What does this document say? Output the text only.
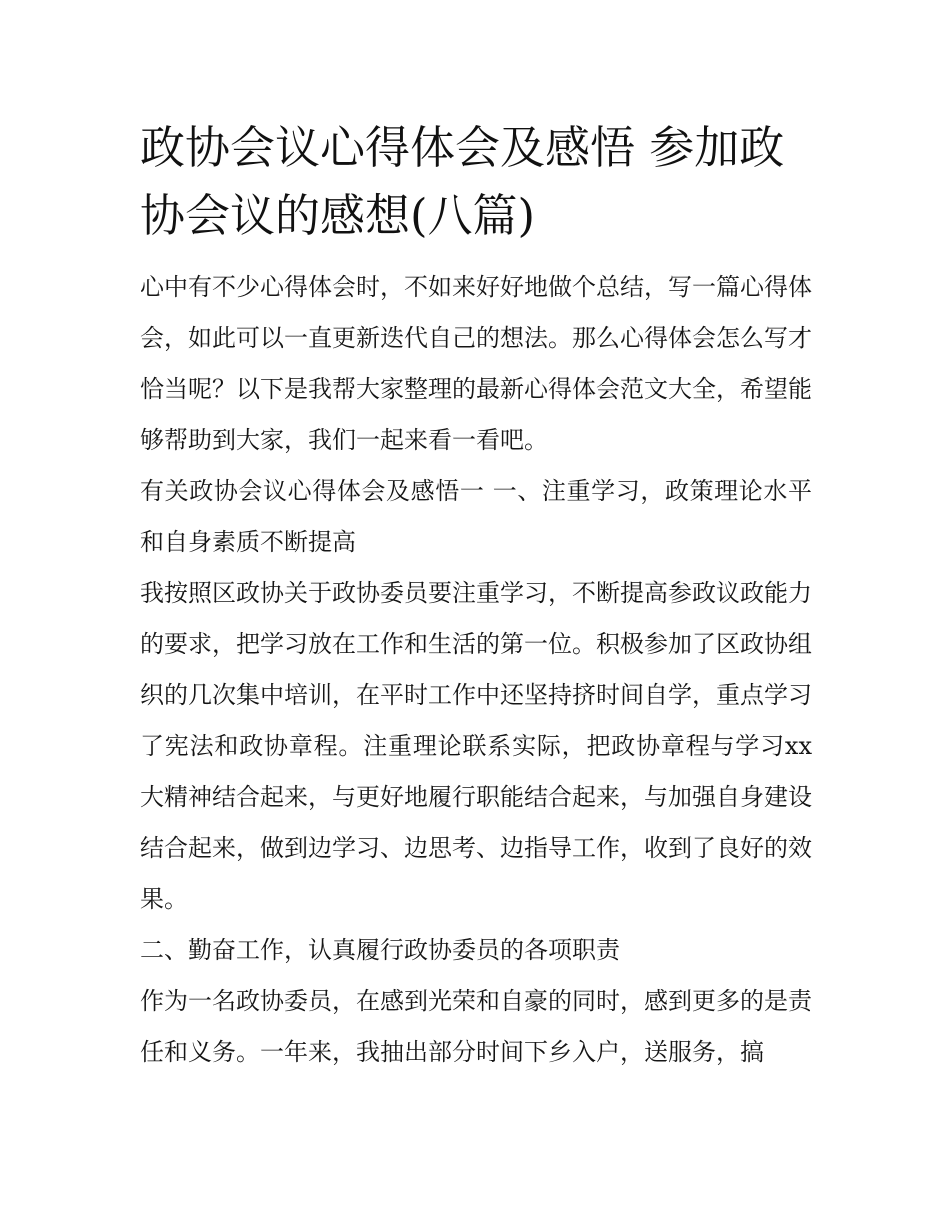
政协会议心得体会及感悟 参加政协会议的感想(八篇)

心中有不少心得体会时，不如来好好地做个总结，写一篇心得体会，如此可以一直更新迭代自己的想法。那么心得体会怎么写才恰当呢？以下是我帮大家整理的最新心得体会范文大全，希望能够帮助到大家，我们一起来看一看吧。

有关政协会议心得体会及感悟一 一、注重学习，政策理论水平和自身素质不断提高

我按照区政协关于政协委员要注重学习，不断提高参政议政能力的要求，把学习放在工作和生活的第一位。积极参加了区政协组织的几次集中培训，在平时工作中还坚持挤时间自学，重点学习了宪法和政协章程。注重理论联系实际，把政协章程与学习xx大精神结合起来，与更好地履行职能结合起来，与加强自身建设结合起来，做到边学习、边思考、边指导工作，收到了良好的效果。

二、勤奋工作，认真履行政协委员的各项职责

作为一名政协委员，在感到光荣和自豪的同时，感到更多的是责任和义务。一年来，我抽出部分时间下乡入户，送服务，搞
